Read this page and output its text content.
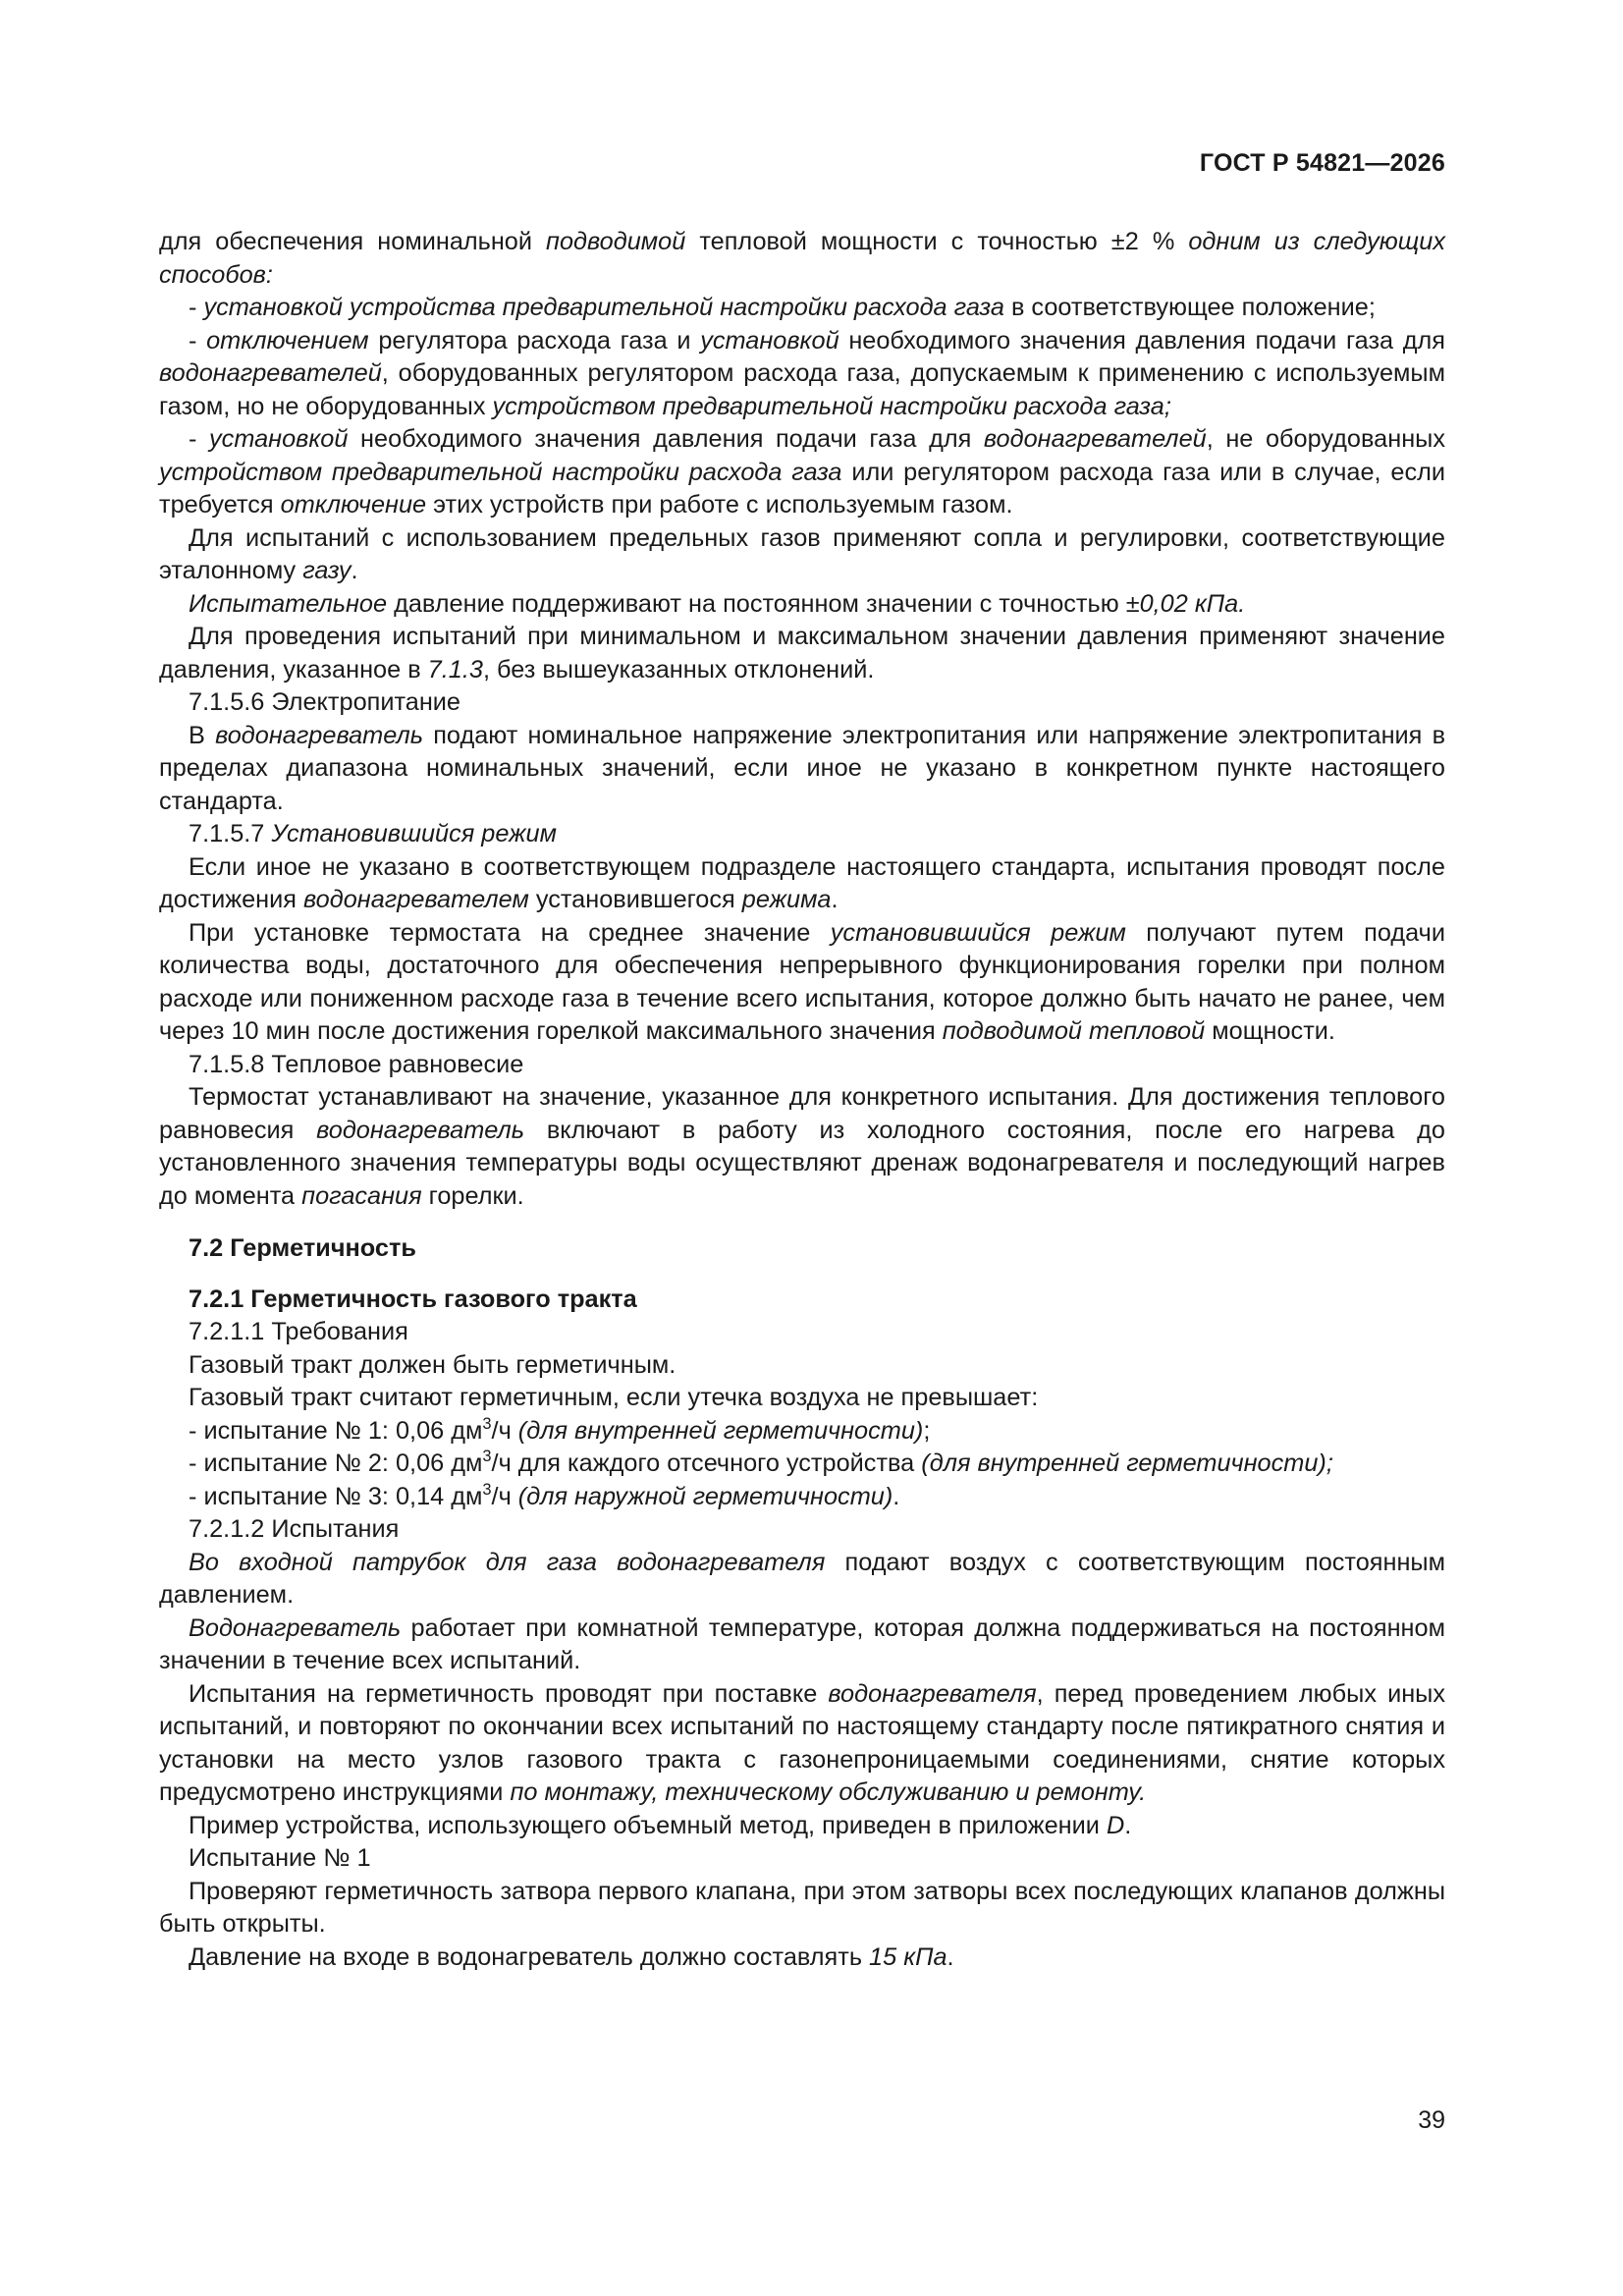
ГОСТ Р 54821—2026

для обеспечения номинальной подводимой тепловой мощности с точностью ±2 % одним из следующих способов:

- установкой устройства предварительной настройки расхода газа в соответствующее положение;

- отключением регулятора расхода газа и установкой необходимого значения давления подачи газа для водонагревателей, оборудованных регулятором расхода газа, допускаемым к применению с используемым газом, но не оборудованных устройством предварительной настройки расхода газа;

- установкой необходимого значения давления подачи газа для водонагревателей, не оборудованных устройством предварительной настройки расхода газа или регулятором расхода газа или в случае, если требуется отключение этих устройств при работе с используемым газом.

Для испытаний с использованием предельных газов применяют сопла и регулировки, соответствующие эталонному газу.

Испытательное давление поддерживают на постоянном значении с точностью ±0,02 кПа.

Для проведения испытаний при минимальном и максимальном значении давления применяют значение давления, указанное в 7.1.3, без вышеуказанных отклонений.

7.1.5.6 Электропитание

В водонагреватель подают номинальное напряжение электропитания или напряжение электропитания в пределах диапазона номинальных значений, если иное не указано в конкретном пункте настоящего стандарта.

7.1.5.7 Установившийся режим

Если иное не указано в соответствующем подразделе настоящего стандарта, испытания проводят после достижения водонагревателем установившегося режима.

При установке термостата на среднее значение установившийся режим получают путем подачи количества воды, достаточного для обеспечения непрерывного функционирования горелки при полном расходе или пониженном расходе газа в течение всего испытания, которое должно быть начато не ранее, чем через 10 мин после достижения горелкой максимального значения подводимой тепловой мощности.

7.1.5.8 Тепловое равновесие

Термостат устанавливают на значение, указанное для конкретного испытания. Для достижения теплового равновесия водонагреватель включают в работу из холодного состояния, после его нагрева до установленного значения температуры воды осуществляют дренаж водонагревателя и последующий нагрев до момента погасания горелки.

7.2 Герметичность

7.2.1 Герметичность газового тракта

7.2.1.1 Требования

Газовый тракт должен быть герметичным.

Газовый тракт считают герметичным, если утечка воздуха не превышает:

- испытание № 1: 0,06 $дм^3/ч$ (для внутренней герметичности);

- испытание № 2: 0,06 $дм^3/ч$ для каждого отсечного устройства (для внутренней герметичности);

- испытание № 3: 0,14 $дм^3/ч$ (для наружной герметичности).

7.2.1.2 Испытания

Во входной патрубок для газа водонагревателя подают воздух с соответствующим постоянным давлением.

Водонагреватель работает при комнатной температуре, которая должна поддерживаться на постоянном значении в течение всех испытаний.

Испытания на герметичность проводят при поставке водонагревателя, перед проведением любых иных испытаний, и повторяют по окончании всех испытаний по настоящему стандарту после пятикратного снятия и установки на место узлов газового тракта с газонепроницаемыми соединениями, снятие которых предусмотрено инструкциями по монтажу, техническому обслуживанию и ремонту.

Пример устройства, использующего объемный метод, приведен в приложении D.

Испытание № 1

Проверяют герметичность затвора первого клапана, при этом затворы всех последующих клапанов должны быть открыты.

Давление на входе в водонагреватель должно составлять 15 кПа.

39
